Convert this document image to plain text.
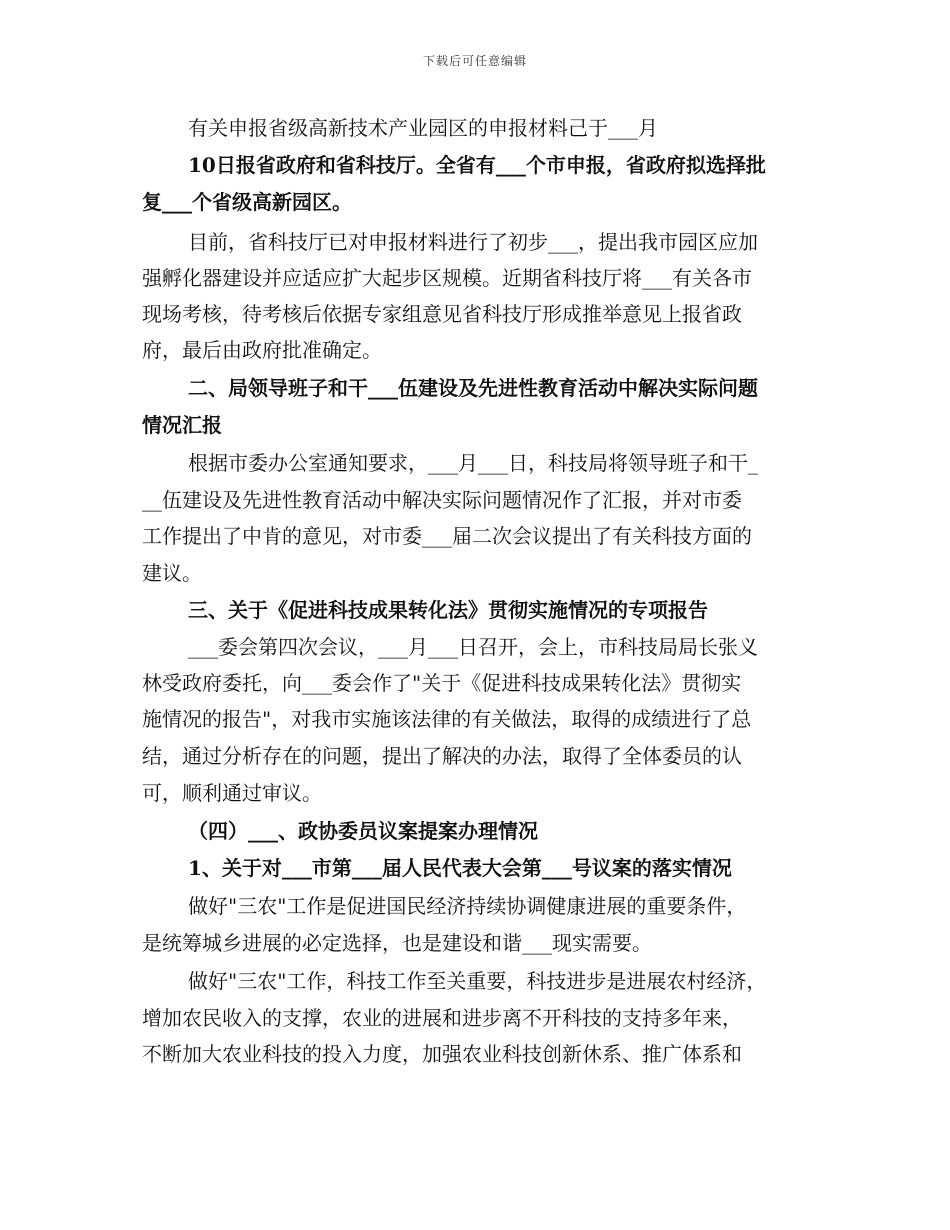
下载后可任意编辑
有关申报省级高新技术产业园区的申报材料己于___月
10日报省政府和省科技厅。全省有___个市申报，省政府拟选择批
复___个省级高新园区。
目前，省科技厅已对申报材料进行了初步___，提出我市园区应加
强孵化器建设并应适应扩大起步区规模。近期省科技厅将___有关各市
现场考核，待考核后依据专家组意见省科技厅形成推举意见上报省政
府，最后由政府批准确定。
二、局领导班子和干___伍建设及先进性教育活动中解决实际问题
情况汇报
根据市委办公室通知要求，___月___日，科技局将领导班子和干_
__伍建设及先进性教育活动中解决实际问题情况作了汇报，并对市委
工作提出了中肯的意见，对市委___届二次会议提出了有关科技方面的
建议。
三、关于《促进科技成果转化法》贯彻实施情况的专项报告
___委会第四次会议，___月___日召开，会上，市科技局局长张义
林受政府委托，向___委会作了"关于《促进科技成果转化法》贯彻实
施情况的报告"，对我市实施该法律的有关做法，取得的成绩进行了总
结，通过分析存在的问题，提出了解决的办法，取得了全体委员的认
可，顺利通过审议。
（四）___、政协委员议案提案办理情况
1、关于对___市第___届人民代表大会第___号议案的落实情况
做好"三农"工作是促进国民经济持续协调健康进展的重要条件，
是统筹城乡进展的必定选择，也是建设和谐___现实需要。
做好"三农"工作，科技工作至关重要，科技进步是进展农村经济，
增加农民收入的支撑，农业的进展和进步离不开科技的支持多年来，
不断加大农业科技的投入力度，加强农业科技创新休系、推广体系和
